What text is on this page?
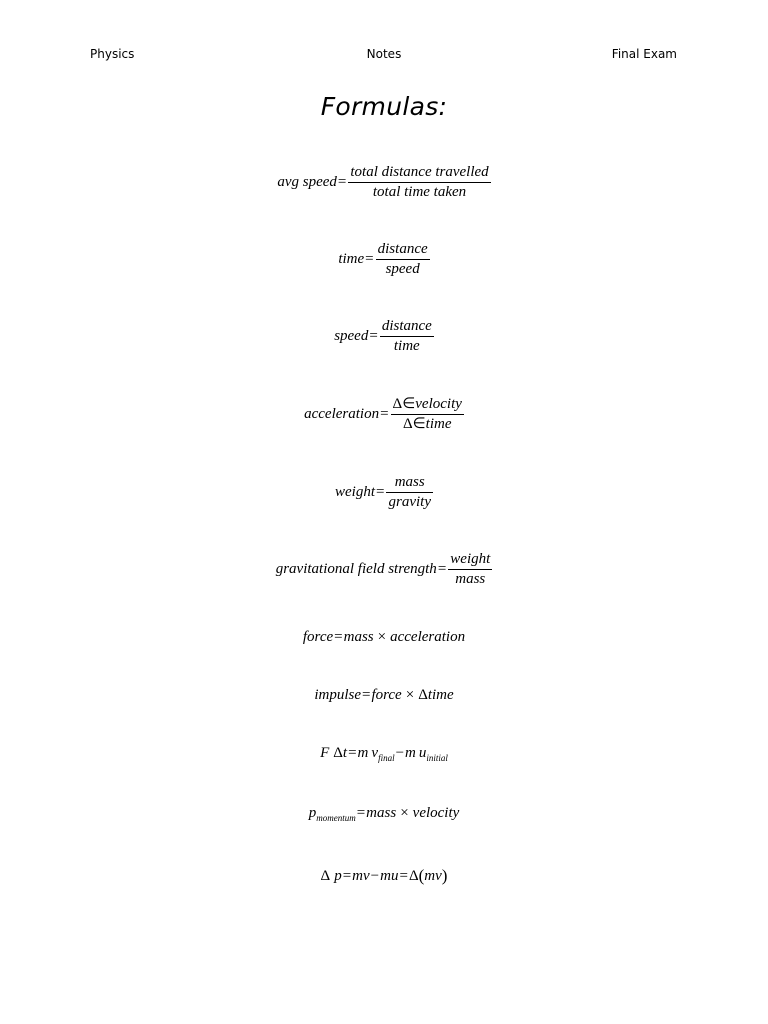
Physics	Notes	Final Exam
Formulas:
avg speed = $\frac{\text{total distance travelled}}{\text{total time taken}}$
time = $\frac{\text{distance}}{\text{speed}}$
speed = $\frac{\text{distance}}{\text{time}}$
acceleration = $\frac{\text{Δ∈velocity}}{\text{Δ∈time}}$
weight = $\frac{\text{mass}}{\text{gravity}}$
gravitational field strength = $\frac{\text{weight}}{\text{mass}}$
force = mass × acceleration
impulse = force × Δ time
F Δ t = m v final − m u initial
p momentum = mass × velocity
Δ p = mv − mu = Δ ( mv )
